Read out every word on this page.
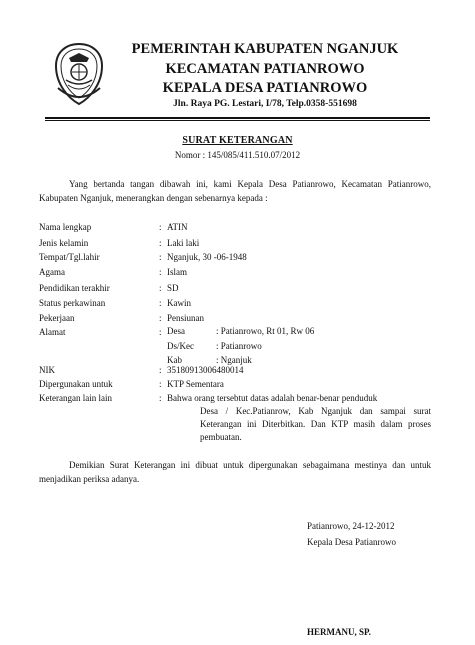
PEMERINTAH KABUPATEN NGANJUK
KECAMATAN PATIANROWO
KEPALA DESA PATIANROWO
Jln. Raya PG. Lestari, I/78, Telp.0358-551698
SURAT KETERANGAN
Nomor : 145/085/411.510.07/2012
Yang bertanda tangan dibawah ini, kami Kepala Desa Patianrowo, Kecamatan Patianrowo, Kabupaten Nganjuk, menerangkan dengan sebenarnya kepada :
Nama lengkap	: ATIN
Jenis kelamin	: Laki laki
Tempat/Tgl.lahir	: Nganjuk, 30 -06-1948
Agama	: Islam
Pendidikan terakhir	: SD
Status perkawinan	: Kawin
Pekerjaan	: Pensiunan
Alamat	: Desa	: Patianrowo, Rt 01, Rw 06
Ds/Kec : Patianrowo
Kab	: Nganjuk
NIK	: 35180913006480014
Dipergunakan untuk	: KTP Sementara
Keterangan lain lain	: Bahwa orang tersebtut datas adalah benar-benar penduduk
Desa / Kec.Patianrow, Kab Nganjuk dan sampai surat Keterangan ini Diterbitkan. Dan KTP masih dalam proses pembuatan.
Demikian Surat Keterangan ini dibuat untuk dipergunakan sebagaimana mestinya dan untuk menjadikan periksa adanya.
Patianrowo, 24-12-2012
Kepala Desa Patianrowo
HERMANU, SP.
